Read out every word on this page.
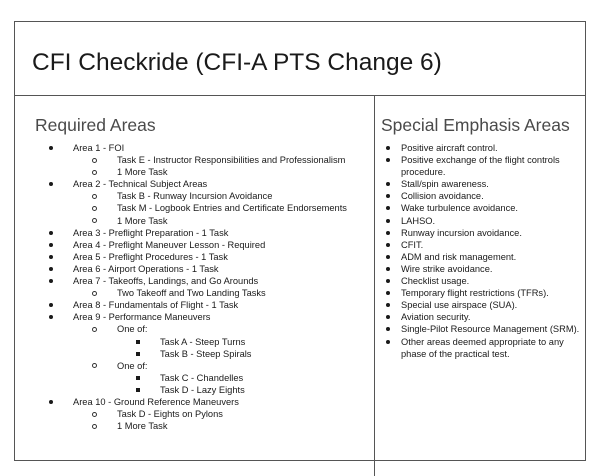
CFI Checkride (CFI-A PTS Change 6)
Required Areas
Area 1 - FOI
Task E - Instructor Responsibilities and Professionalism
1 More Task
Area 2 - Technical Subject Areas
Task B - Runway Incursion Avoidance
Task M - Logbook Entries and Certificate Endorsements
1 More Task
Area 3 - Preflight Preparation - 1 Task
Area 4 - Preflight Maneuver Lesson - Required
Area 5 - Preflight Procedures - 1 Task
Area 6 - Airport Operations - 1 Task
Area 7 - Takeoffs, Landings, and Go Arounds
Two Takeoff and Two Landing Tasks
Area 8 - Fundamentals of Flight - 1 Task
Area 9 - Performance Maneuvers
One of:
Task A - Steep Turns
Task B - Steep Spirals
One of:
Task C - Chandelles
Task D - Lazy Eights
Area 10 - Ground Reference Maneuvers
Task D - Eights on Pylons
1 More Task
Special Emphasis Areas
Positive aircraft control.
Positive exchange of the flight controls procedure.
Stall/spin awareness.
Collision avoidance.
Wake turbulence avoidance.
LAHSO.
Runway incursion avoidance.
CFIT.
ADM and risk management.
Wire strike avoidance.
Checklist usage.
Temporary flight restrictions (TFRs).
Special use airspace (SUA).
Aviation security.
Single-Pilot Resource Management (SRM).
Other areas deemed appropriate to any phase of the practical test.
